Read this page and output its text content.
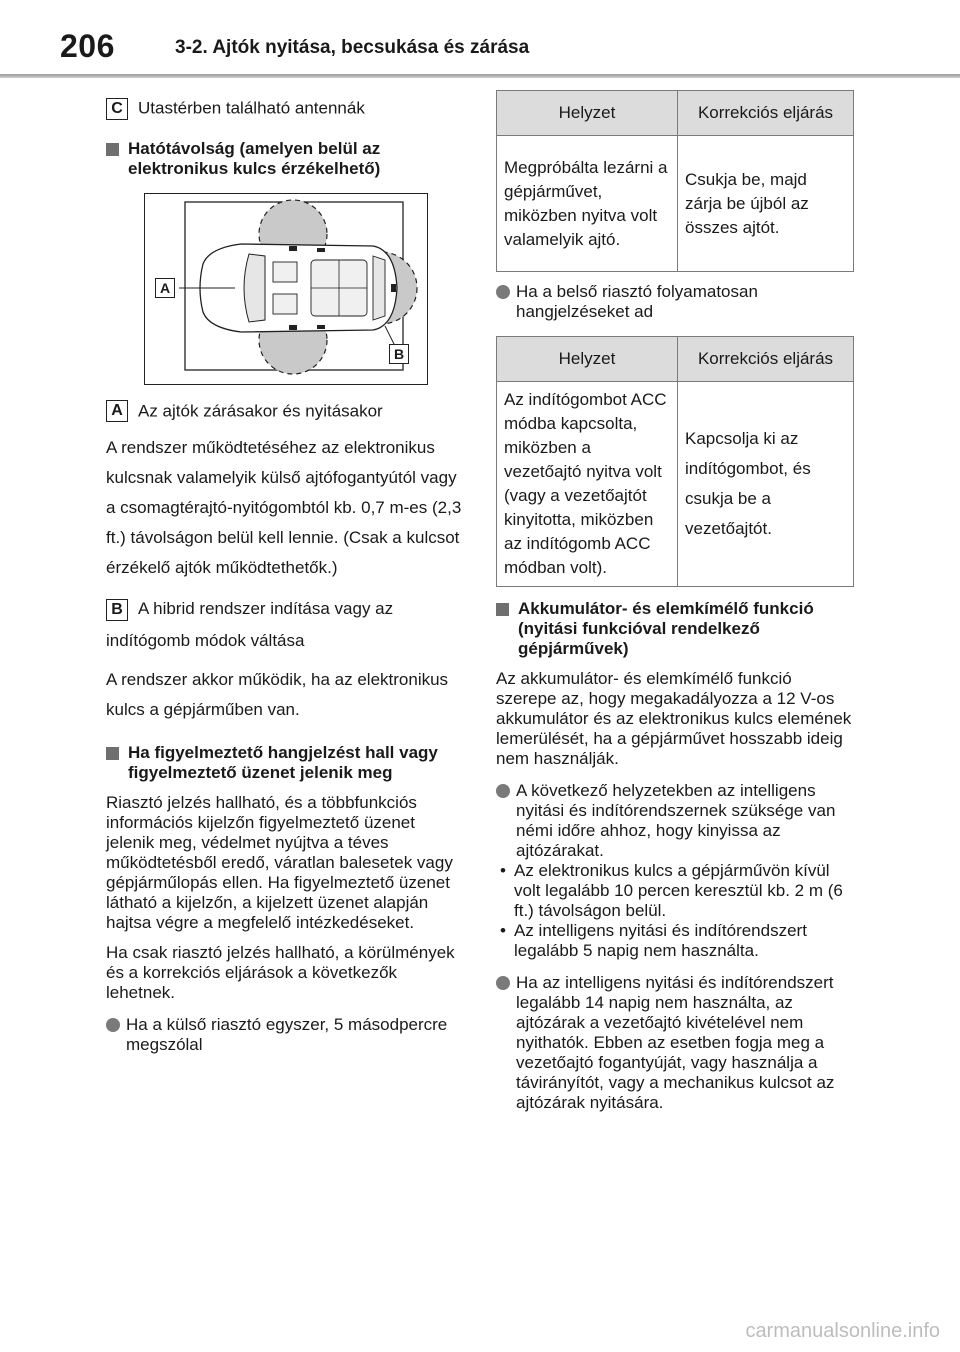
206	3-2. Ajtók nyitása, becsukása és zárása

C Utastérben található antennák

Hatótávolság (amelyen belül az elektronikus kulcs érzékelhető)

A
B

A Az ajtók zárásakor és nyitásakor

A rendszer működtetéséhez az elektronikus kulcsnak valamelyik külső ajtófogantyútól vagy a csomagtérajtó-nyitógombtól kb. 0,7 m-es (2,3 ft.) távolságon belül kell lennie. (Csak a kulcsot érzékelő ajtók működtethetők.)

B A hibrid rendszer indítása vagy az indítógomb módok váltása

A rendszer akkor működik, ha az elektronikus kulcs a gépjárműben van.

Ha figyelmeztető hangjelzést hall vagy figyelmeztető üzenet jelenik meg

Riasztó jelzés hallható, és a többfunkciós információs kijelzőn figyelmeztető üzenet jelenik meg, védelmet nyújtva a téves működtetésből eredő, váratlan balesetek vagy gépjárműlopás ellen. Ha figyelmeztető üzenet látható a kijelzőn, a kijelzett üzenet alapján hajtsa végre a megfelelő intézkedéseket.

Ha csak riasztó jelzés hallható, a körülmények és a korrekciós eljárások a következők lehetnek.

Ha a külső riasztó egyszer, 5 másodpercre megszólal

Helyzet	Korrekciós eljárás
Megpróbálta lezárni a gépjárművet, miközben nyitva volt valamelyik ajtó.	Csukja be, majd zárja be újból az összes ajtót.

Ha a belső riasztó folyamatosan hangjelzéseket ad

Helyzet	Korrekciós eljárás
Az indítógombot ACC módba kapcsolta, miközben a vezetőajtó nyitva volt (vagy a vezetőajtót kinyitotta, miközben az indítógomb ACC módban volt).	Kapcsolja ki az indítógombot, és csukja be a vezetőajtót.

Akkumulátor- és elemkímélő funkció (nyitási funkcióval rendelkező gépjárművek)

Az akkumulátor- és elemkímélő funkció szerepe az, hogy megakadályozza a 12 V-os akkumulátor és az elektronikus kulcs elemének lemerülését, ha a gépjárművet hosszabb ideig nem használják.

A következő helyzetekben az intelligens nyitási és indítórendszernek szüksége van némi időre ahhoz, hogy kinyissa az ajtózárakat.

• Az elektronikus kulcs a gépjárművön kívül volt legalább 10 percen keresztül kb. 2 m (6 ft.) távolságon belül.

• Az intelligens nyitási és indítórendszert legalább 5 napig nem használta.

Ha az intelligens nyitási és indítórendszert legalább 14 napig nem használta, az ajtózárak a vezetőajtó kivételével nem nyithatók. Ebben az esetben fogja meg a vezetőajtó fogantyúját, vagy használja a távirányítót, vagy a mechanikus kulcsot az ajtózárak nyitására.

carmanualsonline.info
